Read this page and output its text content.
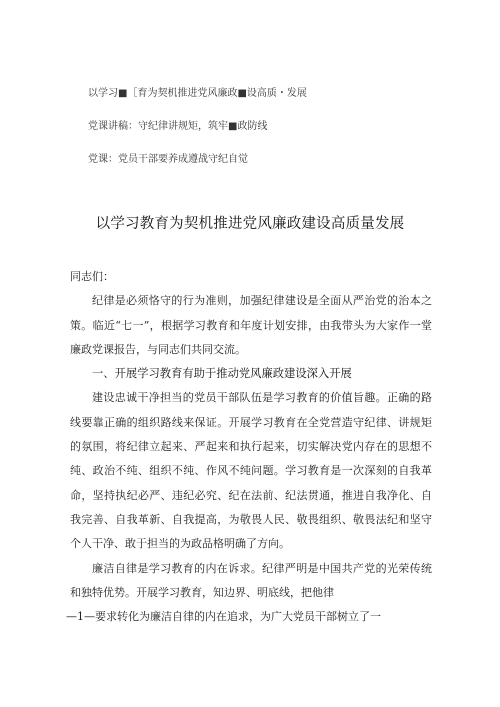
以学习■［育为契机推进党风廉政■设高质・发展
党课讲稿：守纪律讲规矩，筑牢■政防线
党课：党员干部要养成遵战守纪自觉
以学习教育为契机推进党风廉政建设高质量发展

同志们：

纪律是必须恪守的行为准则，加强纪律建设是全面从严治党的治本之策。临近“七一”，根据学习教育和年度计划安排，由我带头为大家作一堂廉政党课报告，与同志们共同交流。

一、开展学习教育有助于推动党风廉政建设深入开展

建设忠诚干净担当的党员干部队伍是学习教育的价值旨趣。正确的路线要靠正确的组织路线来保证。开展学习教育在全党营造守纪律、讲规矩的氛围，将纪律立起来、严起来和执行起来，切实解决党内存在的思想不纯、政治不纯、组织不纯、作风不纯问题。学习教育是一次深刻的自我革命，坚持执纪必严、违纪必究、纪在法前、纪法贯通，推进自我净化、自我完善、自我革新、自我提高，为敬畏人民、敬畏组织、敬畏法纪和坚守个人干净、敢于担当的为政品格明确了方向。

廉洁自律是学习教育的内在诉求。纪律严明是中国共产党的光荣传统和独特优势。开展学习教育，知边界、明底线，把他律

—1—要求转化为廉洁自律的内在追求，为广大党员干部树立了一
